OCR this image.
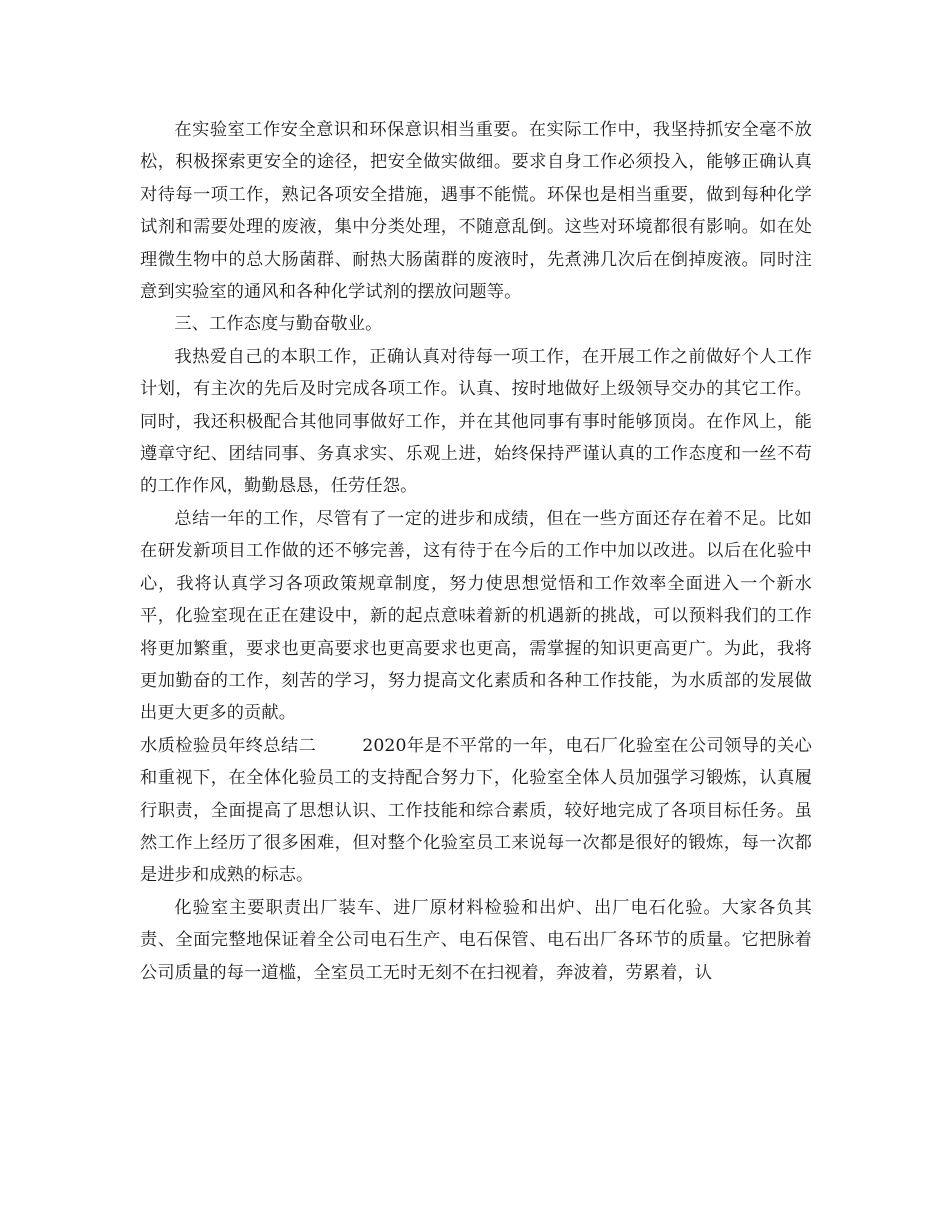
在实验室工作安全意识和环保意识相当重要。在实际工作中，我坚持抓安全毫不放松，积极探索更安全的途径，把安全做实做细。要求自身工作必须投入，能够正确认真对待每一项工作，熟记各项安全措施，遇事不能慌。环保也是相当重要，做到每种化学试剂和需要处理的废液，集中分类处理，不随意乱倒。这些对环境都很有影响。如在处理微生物中的总大肠菌群、耐热大肠菌群的废液时，先煮沸几次后在倒掉废液。同时注意到实验室的通风和各种化学试剂的摆放问题等。

三、工作态度与勤奋敬业。

我热爱自己的本职工作，正确认真对待每一项工作，在开展工作之前做好个人工作计划，有主次的先后及时完成各项工作。认真、按时地做好上级领导交办的其它工作。同时，我还积极配合其他同事做好工作，并在其他同事有事时能够顶岗。在作风上，能遵章守纪、团结同事、务真求实、乐观上进，始终保持严谨认真的工作态度和一丝不苟的工作作风，勤勤恳恳，任劳任怨。

总结一年的工作，尽管有了一定的进步和成绩，但在一些方面还存在着不足。比如在研发新项目工作做的还不够完善，这有待于在今后的工作中加以改进。以后在化验中心，我将认真学习各项政策规章制度，努力使思想觉悟和工作效率全面进入一个新水平，化验室现在正在建设中，新的起点意味着新的机遇新的挑战，可以预料我们的工作将更加繁重，要求也更高要求也更高要求也更高，需掌握的知识更高更广。为此，我将更加勤奋的工作，刻苦的学习，努力提高文化素质和各种工作技能，为水质部的发展做出更大更多的贡献。

水质检验员年终总结二	2020年是不平常的一年，电石厂化验室在公司领导的关心和重视下，在全体化验员工的支持配合努力下，化验室全体人员加强学习锻炼，认真履行职责，全面提高了思想认识、工作技能和综合素质，较好地完成了各项目标任务。虽然工作上经历了很多困难，但对整个化验室员工来说每一次都是很好的锻炼，每一次都是进步和成熟的标志。

化验室主要职责出厂装车、进厂原材料检验和出炉、出厂电石化验。大家各负其责、全面完整地保证着全公司电石生产、电石保管、电石出厂各环节的质量。它把脉着公司质量的每一道槛，全室员工无时无刻不在扫视着，奔波着，劳累着，认
